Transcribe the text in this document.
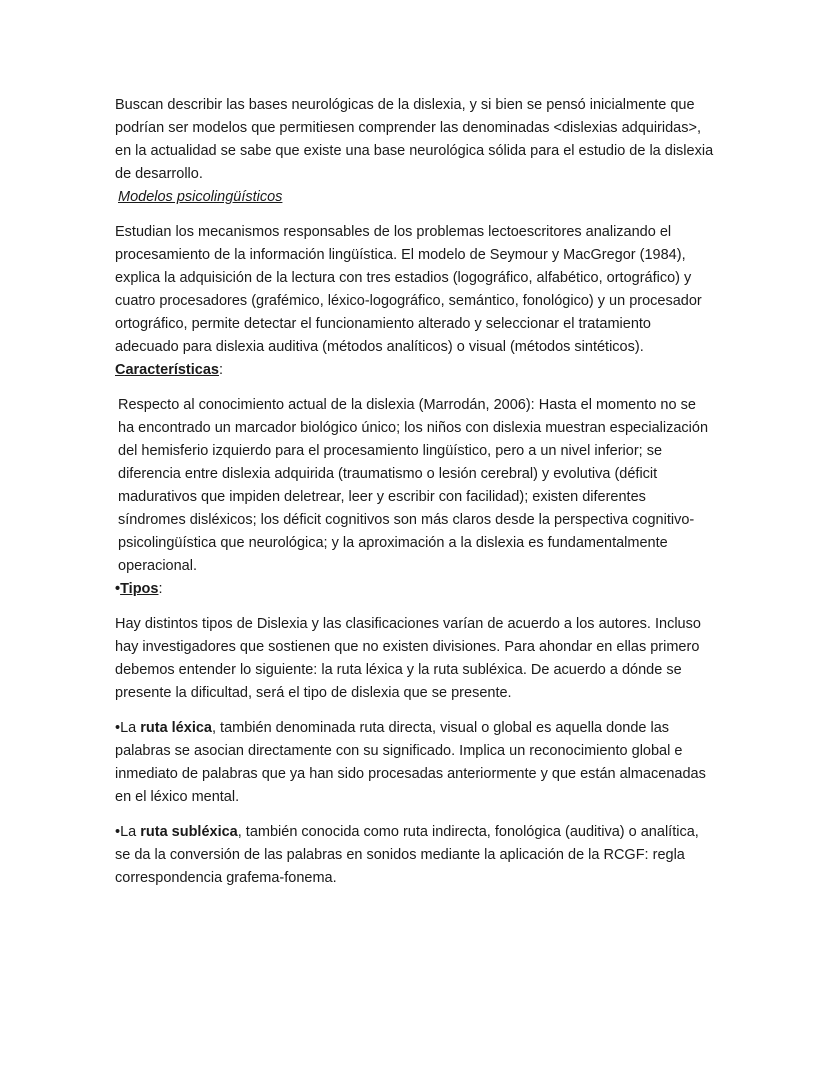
Buscan describir las bases neurológicas de la dislexia, y si bien se pensó inicialmente que podrían ser modelos que permitiesen comprender las denominadas <dislexias adquiridas>, en la actualidad se sabe que existe una base neurológica sólida para el estudio de la dislexia de desarrollo.

Modelos psicolingüísticos

Estudian los mecanismos responsables de los problemas lectoescritores analizando el procesamiento de la información lingüística. El modelo de Seymour y MacGregor (1984), explica la adquisición de la lectura con tres estadios (logográfico, alfabético, ortográfico) y cuatro procesadores (grafémico, léxico-logográfico, semántico, fonológico) y un procesador ortográfico, permite detectar el funcionamiento alterado y seleccionar el tratamiento adecuado para dislexia auditiva (métodos analíticos) o visual (métodos sintéticos).

Características:

Respecto al conocimiento actual de la dislexia (Marrodán, 2006): Hasta el momento no se ha encontrado un marcador biológico único; los niños con dislexia muestran especialización del hemisferio izquierdo para el procesamiento lingüístico, pero a un nivel inferior; se diferencia entre dislexia adquirida (traumatismo o lesión cerebral) y evolutiva (déficit madurativos que impiden deletrear, leer y escribir con facilidad); existen diferentes síndromes disléxicos; los déficit cognitivos son más claros desde la perspectiva cognitivo-psicolingüística que neurológica; y la aproximación a la dislexia es fundamentalmente operacional.

•Tipos:

Hay distintos tipos de Dislexia y las clasificaciones varían de acuerdo a los autores. Incluso hay investigadores que sostienen que no existen divisiones. Para ahondar en ellas primero debemos entender lo siguiente: la ruta léxica y la ruta subléxica. De acuerdo a dónde se presente la dificultad, será el tipo de dislexia que se presente.

•La ruta léxica, también denominada ruta directa, visual o global es aquella donde las palabras se asocian directamente con su significado. Implica un reconocimiento global e inmediato de palabras que ya han sido procesadas anteriormente y que están almacenadas en el léxico mental.

•La ruta subléxica, también conocida como ruta indirecta, fonológica (auditiva) o analítica, se da la conversión de las palabras en sonidos mediante la aplicación de la RCGF: regla correspondencia grafema-fonema.
